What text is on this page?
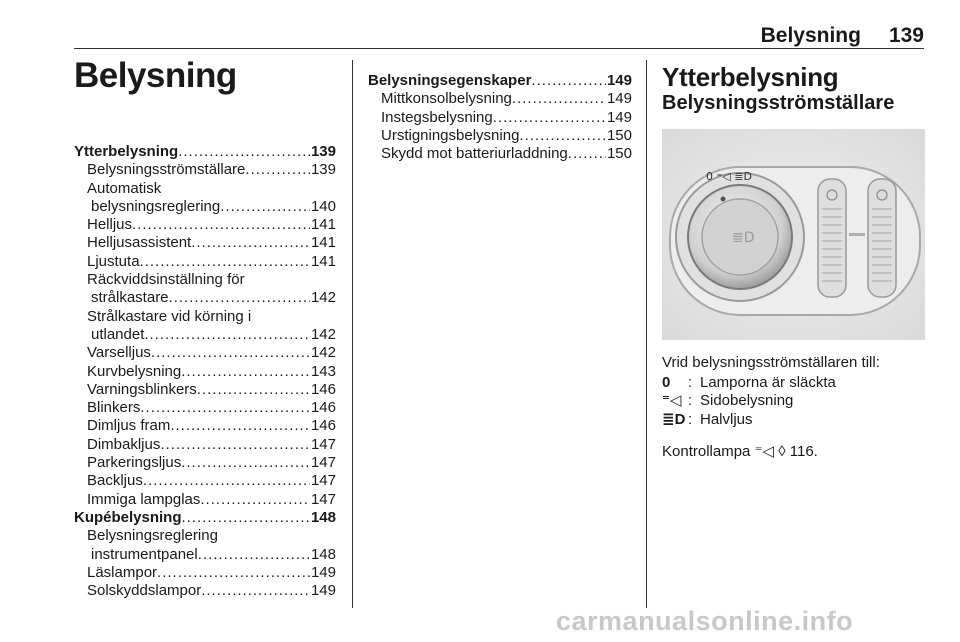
Belysning 139
Belysning
Ytterbelysning .....	139
Belysningsströmställare .....	139
Automatisk
belysningsreglering .....	140
Helljus .....	141
Helljusassistent .....	141
Ljustuta .....	141
Räckviddsinställning för
strålkastare .....	142
Strålkastare vid körning i
utlandet .....	142
Varselljus .....	142
Kurvbelysning .....	143
Varningsblinkers .....	146
Blinkers .....	146
Dimljus fram .....	146
Dimbakljus .....	147
Parkeringsljus .....	147
Backljus .....	147
Immiga lampglas .....	147
Kupébelysning .....	148
Belysningsreglering
instrumentpanel .....	148
Läslampor .....	149
Solskyddslampor .....	149
Belysningsegenskaper .....	149
Mittkonsolbelysning .....	149
Instegsbelysning .....	149
Urstigningsbelysning .....	150
Skydd mot batteriurladdning .....	150
Ytterbelysning
Belysningsströmställare
≣D
0 ⁼◁ ≣D
Vrid belysningsströmställaren till:
0	: Lamporna är släckta
⁼◁ : Sidobelysning
≣D : Halvljus
Kontrollampa ⁼◁ ◊ 116.
carmanualsonline.info
